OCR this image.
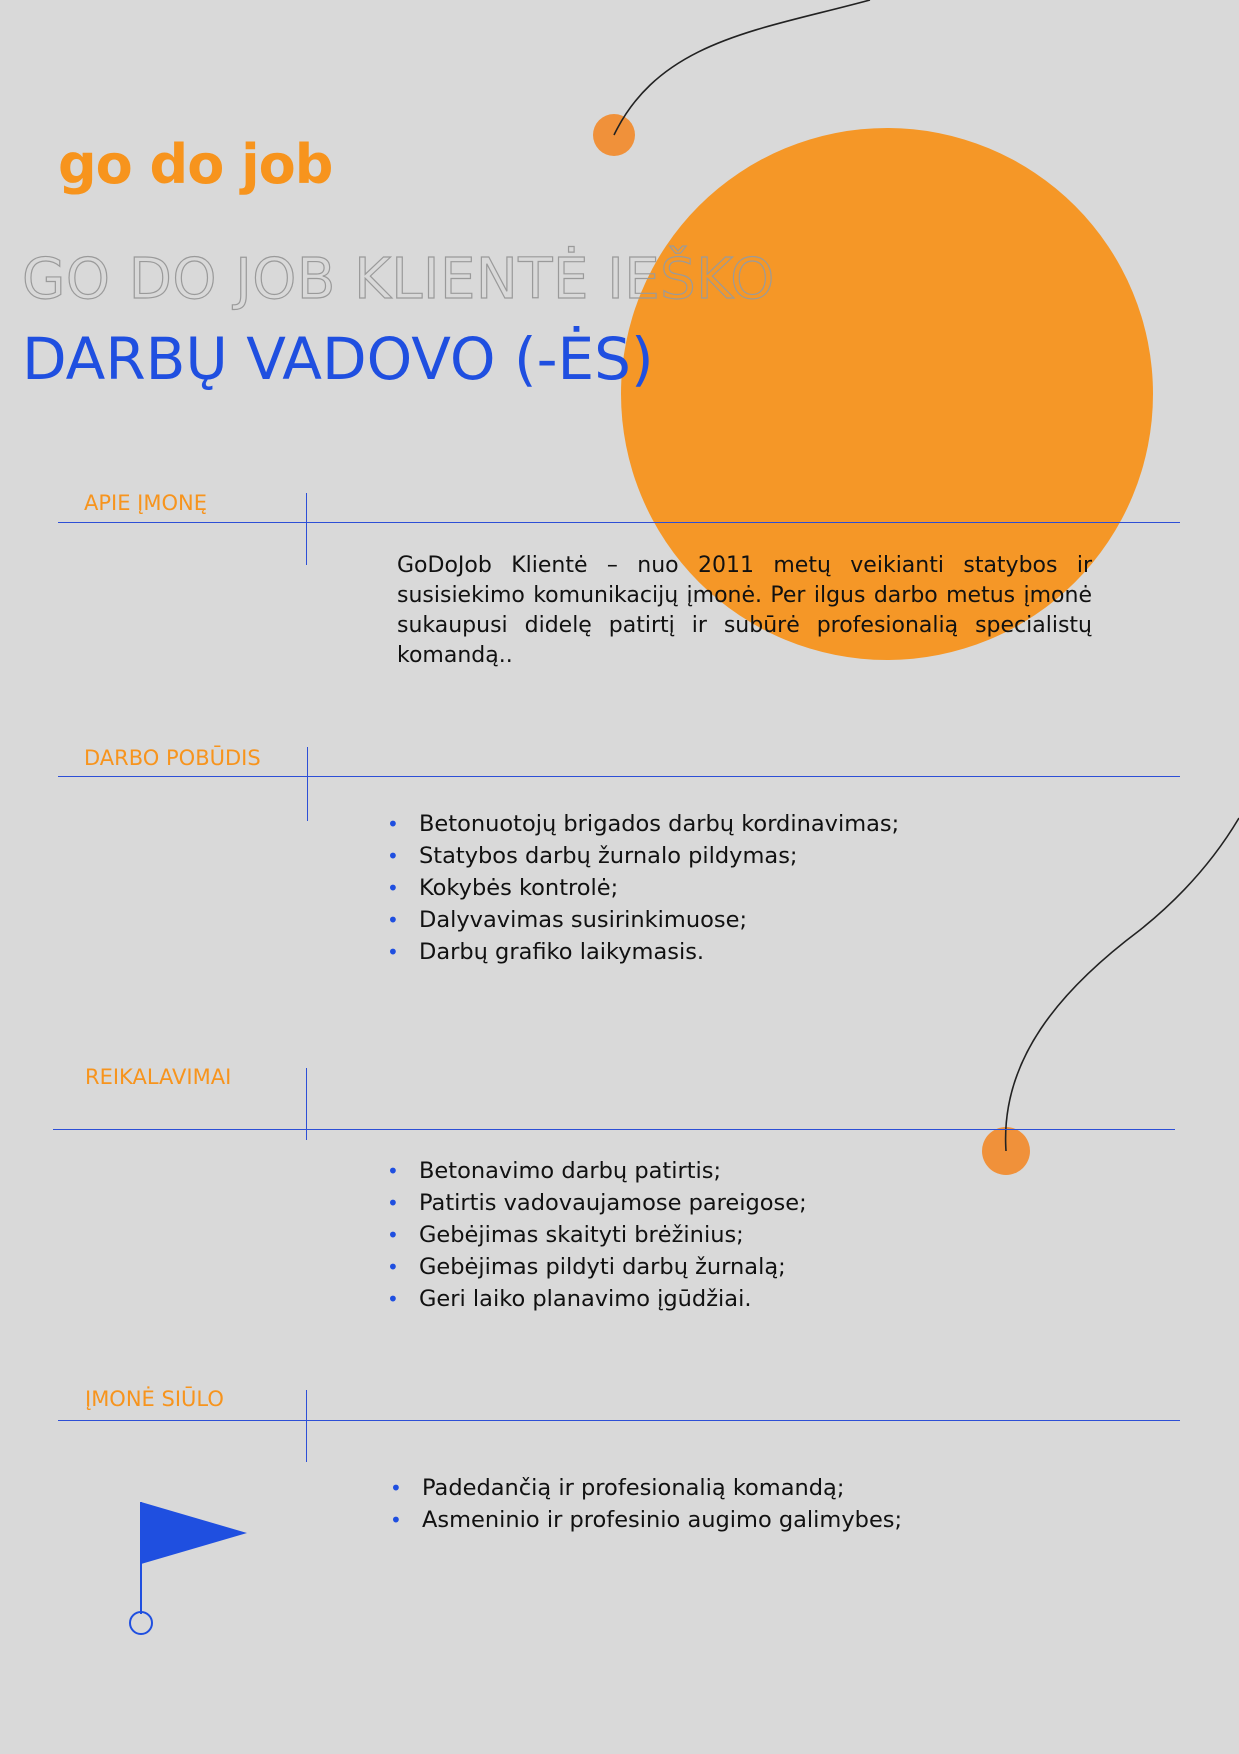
go do job
GO DO JOB KLIENTĖ IEŠKO
DARBŲ VADOVO (-ĖS)
APIE ĮMONĘ
GoDoJob Klientė – nuo 2011 metų veikianti statybos ir susisiekimo komunikacijų įmonė. Per ilgus darbo metus įmonė sukaupusi didelę patirtį ir subūrė profesionalią specialistų komandą..
DARBO POBŪDIS
• Betonuotojų brigados darbų kordinavimas;
• Statybos darbų žurnalo pildymas;
• Kokybės kontrolė;
• Dalyvavimas susirinkimuose;
• Darbų grafiko laikymasis.
REIKALAVIMAI
• Betonavimo darbų patirtis;
• Patirtis vadovaujamose pareigose;
• Gebėjimas skaityti brėžinius;
• Gebėjimas pildyti darbų žurnalą;
• Geri laiko planavimo įgūdžiai.
ĮMONĖ SIŪLO
• Padedančią ir profesionalią komandą;
• Asmeninio ir profesinio augimo galimybes;
